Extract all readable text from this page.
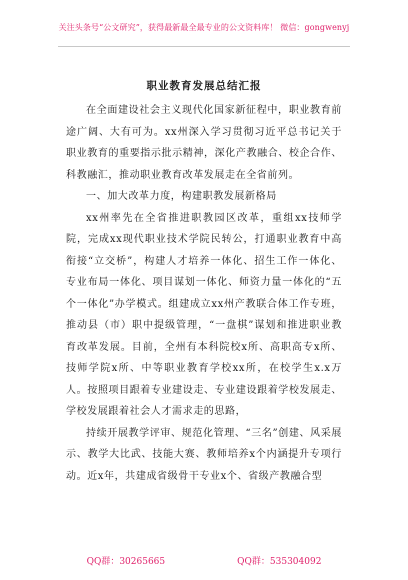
关注头条号“公文研究”，获得最新最全最专业的公文资料库！ 微信：gongwenyj
职业教育发展总结汇报

在全面建设社会主义现代化国家新征程中，职业教育前途广阔、大有可为。xx州深入学习贯彻习近平总书记关于职业教育的重要指示批示精神，深化产教融合、校企合作、科教融汇，推动职业教育改革发展走在全省前列。

一、加大改革力度，构建职教发展新格局

xx州率先在全省推进职教园区改革，重组xx技师学院，完成xx现代职业技术学院民转公，打通职业教育中高衔接“立交桥”，构建人才培养一体化、招生工作一体化、专业布局一体化、项目谋划一体化、师资力量一体化的“五个一体化”办学模式。组建成立xx州产教联合体工作专班，推动县（市）职中提级管理，“一盘棋”谋划和推进职业教育改革发展。目前，全州有本科院校x所、高职高专x所、技师学院x所、中等职业教育学校xx所，在校学生x.x万人。按照项目跟着专业建设走、专业建设跟着学校发展走、学校发展跟着社会人才需求走的思路，

持续开展教学评审、规范化管理、“三名”创建、风采展示、教学大比武、技能大赛、教师培养x个内涵提升专项行动。近x年，共建成省级骨干专业x个、省级产教融合型

QQ群：30265665	QQ群：535304092
